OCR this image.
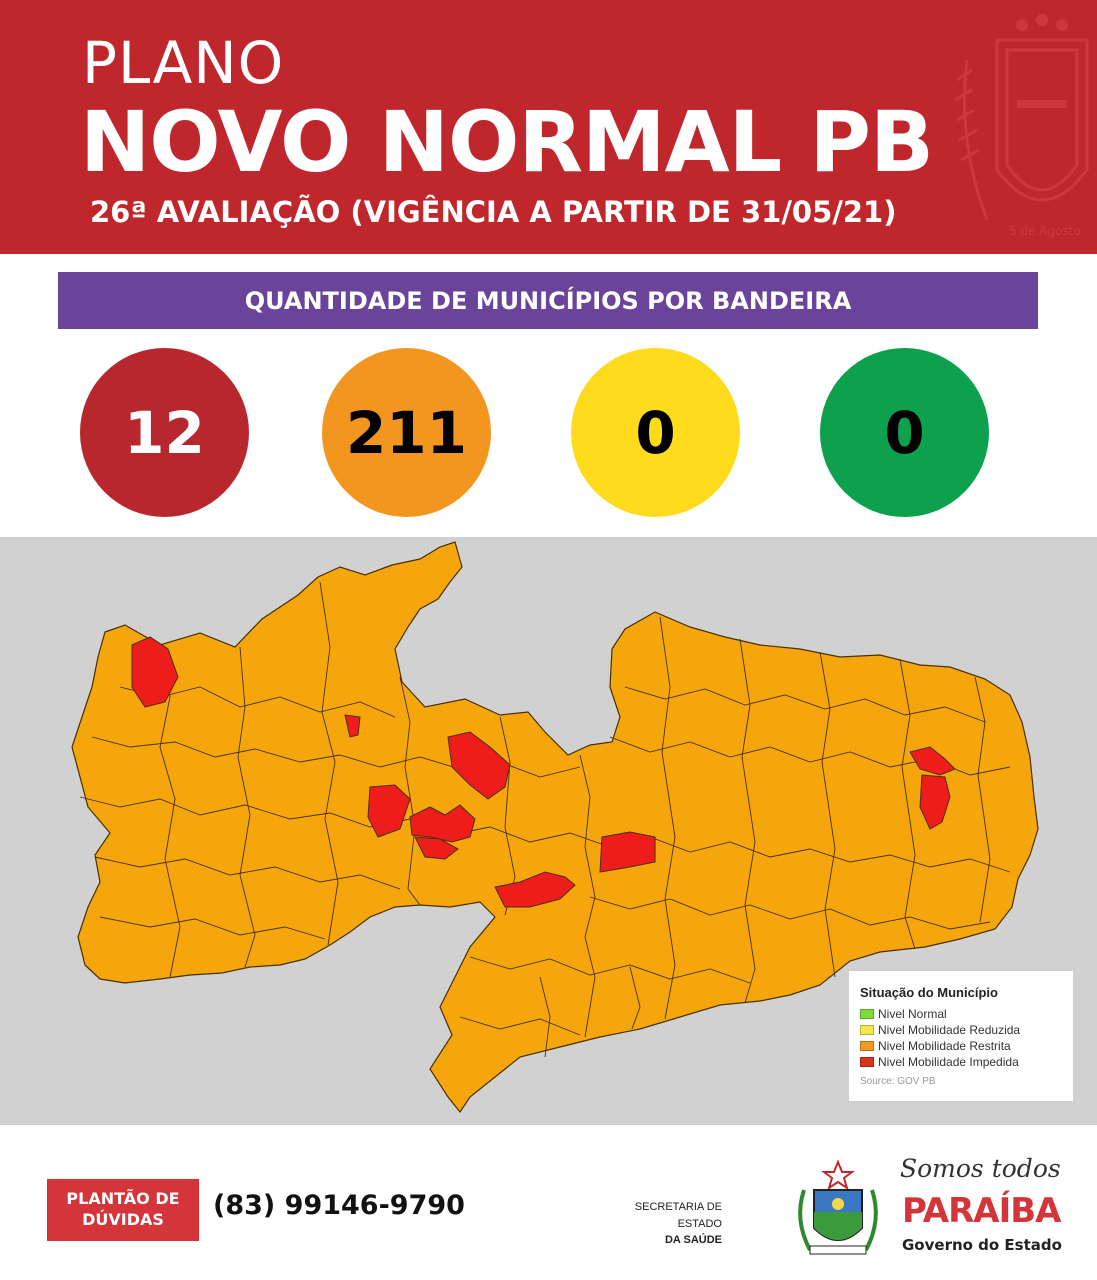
PLANO
NOVO NORMAL PB
26ª AVALIAÇÃO (VIGÊNCIA A PARTIR DE 31/05/21)
5 de Agosto
QUANTIDADE DE MUNICÍPIOS POR BANDEIRA
12	211	0	0
Situação do Município
Nivel Normal
Nivel Mobilidade Reduzida
Nivel Mobilidade Restrita
Nivel Mobilidade Impedida
Source: GOV PB
PLANTÃO DE
DÚVIDAS	(83) 99146-9790	SECRETARIA DE ESTADO
DA SAÚDE
Somos todos
PARAÍBA
Governo do Estado
